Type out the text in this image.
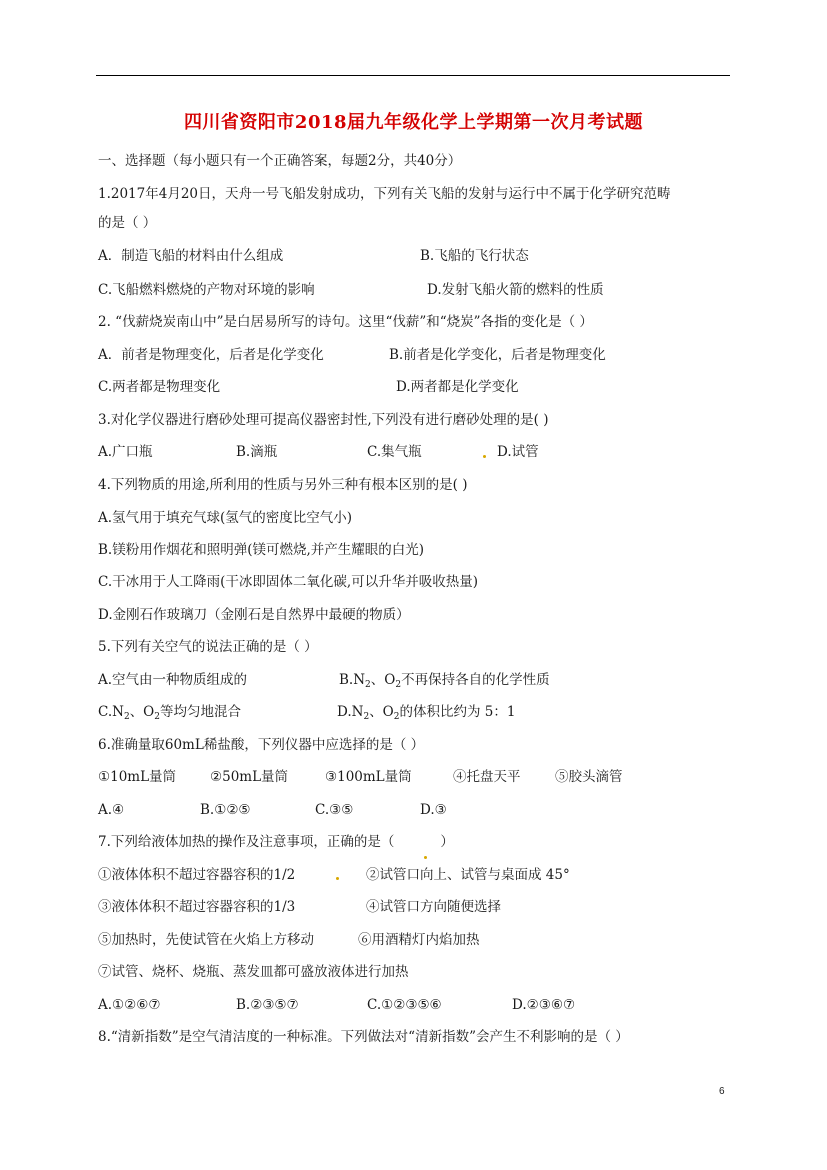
四川省资阳市2018届九年级化学上学期第一次月考试题
一、选择题（每小题只有一个正确答案，每题2分，共40分）
1.2017年4月20日，天舟一号飞船发射成功，下列有关飞船的发射与运行中不属于化学研究范畴
的是（ ）
A．制造飞船的材料由什么组成	B.飞船的飞行状态
C.飞船燃料燃烧的产物对环境的影响	D.发射飞船火箭的燃料的性质
2. “伐薪烧炭南山中”是白居易所写的诗句。这里“伐薪”和“烧炭”各指的变化是（ ）
A．前者是物理变化，后者是化学变化	B.前者是化学变化，后者是物理变化
C.两者都是物理变化	D.两者都是化学变化
3.对化学仪器进行磨砂处理可提高仪器密封性,下列没有进行磨砂处理的是( )
A.广口瓶	B.滴瓶	C.集气瓶	D.试管
4.下列物质的用途,所利用的性质与另外三种有根本区别的是( )
A.氢气用于填充气球(氢气的密度比空气小)
B.镁粉用作烟花和照明弹(镁可燃烧,并产生耀眼的白光)
C.干冰用于人工降雨(干冰即固体二氧化碳,可以升华并吸收热量)
D.金刚石作玻璃刀（金刚石是自然界中最硬的物质）
5.下列有关空气的说法正确的是（ ）
A.空气由一种物质组成的	$B.N_2$、$O_2$不再保持各自的化学性质
$C.N_2$、$O_2$等均匀地混合	$D.N_2$、$O_2$的体积比约为 5：1
6.准确量取60mL稀盐酸，下列仪器中应选择的是（ ）
①10mL量筒	②50mL量筒	③100mL量筒	④托盘天平	⑤胶头滴管
A.④	B.①②⑤	C.③⑤	D.③
7.下列给液体加热的操作及注意事项，正确的是（	）
①液体体积不超过容器容积的1/2	②试管口向上、试管与桌面成 45°
③液体体积不超过容器容积的1/3	④试管口方向随便选择
⑤加热时，先使试管在火焰上方移动	⑥用酒精灯内焰加热
⑦试管、烧杯、烧瓶、蒸发皿都可盛放液体进行加热
A.①②⑥⑦	B.②③⑤⑦	C.①②③⑤⑥	D.②③⑥⑦
8.“清新指数”是空气清洁度的一种标准。下列做法对“清新指数”会产生不利影响的是（ ）
6
